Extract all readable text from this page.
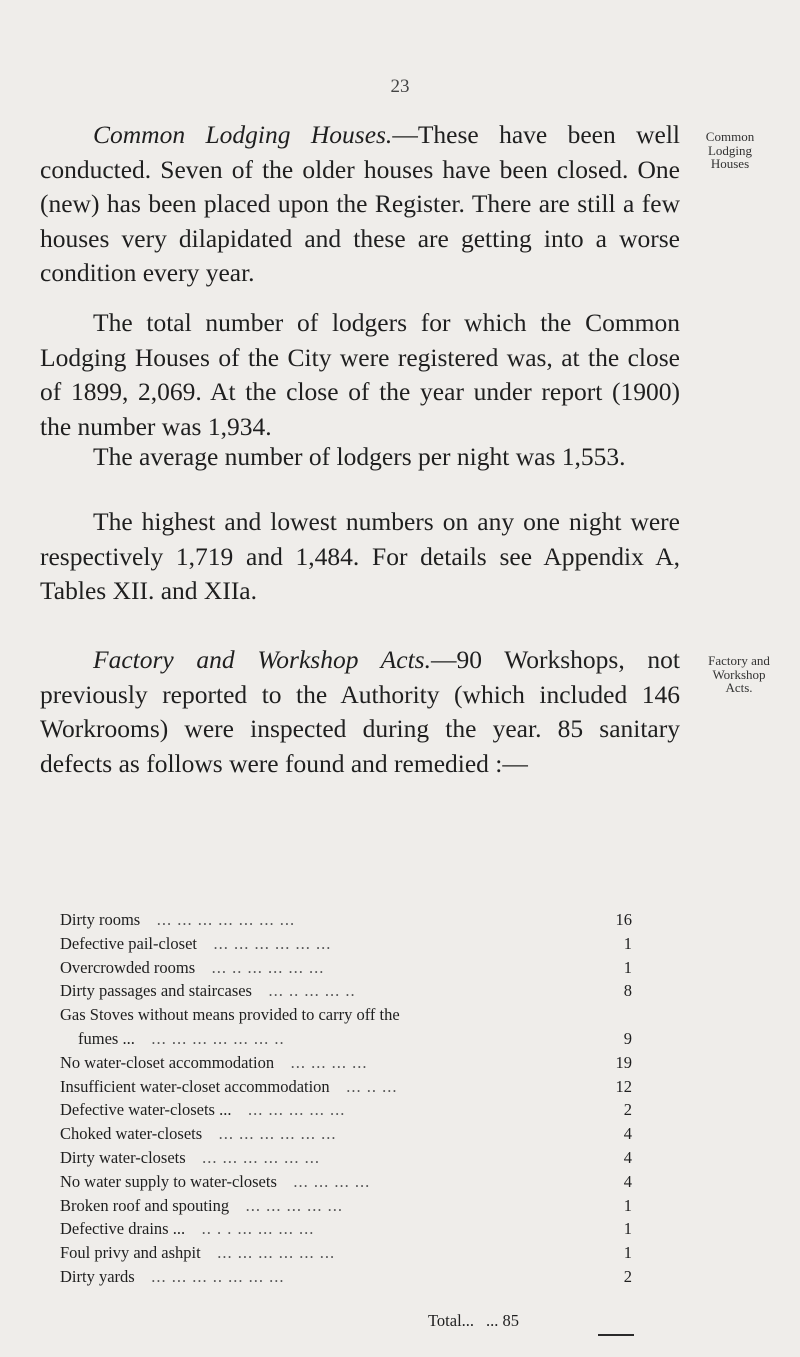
23

Common Lodging Houses.—These have been well conducted. Seven of the older houses have been closed. One (new) has been placed upon the Register. There are still a few houses very dilapidated and these are getting into a worse condition every year.

Common
Lodging
Houses

The total number of lodgers for which the Common Lodging Houses of the City were registered was, at the close of 1899, 2,069. At the close of the year under report (1900) the number was 1,934.

The average number of lodgers per night was 1,553.

The highest and lowest numbers on any one night were respectively 1,719 and 1,484. For details see Appendix A, Tables XII. and XIIa.

Factory and Workshop Acts.—90 Workshops, not previously reported to the Authority (which included 146 Workrooms) were inspected during the year. 85 sanitary defects as follows were found and remedied :—

Factory and
Workshop
Acts.
Dirty rooms  ... ... ... ... ... ... ...	16
Defective pail-closet  ... ... ... ... ... ...	1
Overcrowded rooms  ... .. ... ... ... ...	1
Dirty passages and staircases  ... .. ... ... ..	8

Gas Stoves without means provided to carry off the
fumes ...  ... ... ... ... ... ... ..	9
No water-closet accommodation  ... ... ... ...	19
Insufficient water-closet accommodation  ... .. ...	12
Defective water-closets ...  ... ... ... ... ...	2
Choked water-closets  ... ... ... ... ... ...	4
Dirty water-closets  ... ... ... ... ... ...	4
No water supply to water-closets  ... ... ... ...	4
Broken roof and spouting  ... ... ... ... ...	1
Defective drains ...  .. . . ... ... ... ...	1
Foul privy and ashpit  ... ... ... ... ... ...	1
Dirty yards  ... ... ... .. ... ... ...	2
Total... ... 85
